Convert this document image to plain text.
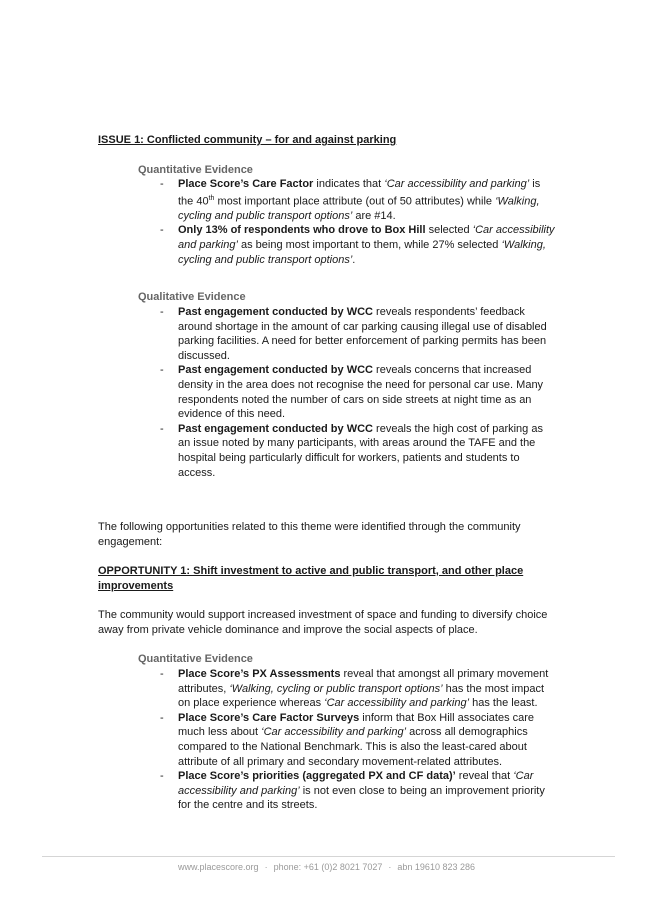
ISSUE 1: Conflicted community – for and against parking
Quantitative Evidence
- Place Score’s Care Factor indicates that ‘Car accessibility and parking’ is the 40th most important place attribute (out of 50 attributes) while ‘Walking, cycling and public transport options’ are #14.
- Only 13% of respondents who drove to Box Hill selected ‘Car accessibility and parking’ as being most important to them, while 27% selected ‘Walking, cycling and public transport options’.
Qualitative Evidence
- Past engagement conducted by WCC reveals respondents’ feedback around shortage in the amount of car parking causing illegal use of disabled parking facilities. A need for better enforcement of parking permits has been discussed.
- Past engagement conducted by WCC reveals concerns that increased density in the area does not recognise the need for personal car use. Many respondents noted the number of cars on side streets at night time as an evidence of this need.
- Past engagement conducted by WCC reveals the high cost of parking as an issue noted by many participants, with areas around the TAFE and the hospital being particularly difficult for workers, patients and students to access.
The following opportunities related to this theme were identified through the community engagement:
OPPORTUNITY 1: Shift investment to active and public transport, and other place improvements
The community would support increased investment of space and funding to diversify choice away from private vehicle dominance and improve the social aspects of place.
Quantitative Evidence
- Place Score’s PX Assessments reveal that amongst all primary movement attributes, ‘Walking, cycling or public transport options’ has the most impact on place experience whereas ‘Car accessibility and parking’ has the least.
- Place Score’s Care Factor Surveys inform that Box Hill associates care much less about ‘Car accessibility and parking’ across all demographics compared to the National Benchmark. This is also the least-cared about attribute of all primary and secondary movement-related attributes.
- Place Score’s priorities (aggregated PX and CF data)’ reveal that ‘Car accessibility and parking’ is not even close to being an improvement priority for the centre and its streets.
www.placescore.org · phone: +61 (0)2 8021 7027 · abn 19610 823 286
